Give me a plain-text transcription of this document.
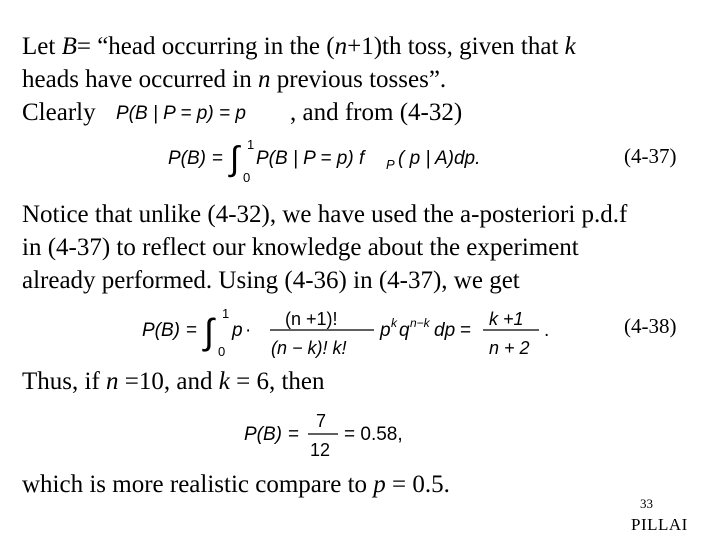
Let B= “head occurring in the (n+1)th toss, given that k
heads have occurred in n previous tosses”.
Clearly P(B | P = p) = p , and from (4-32)
P(B) = ∫ 1
0
P(B | P = p) f P ( p | A)dp.	(4-37)
Notice that unlike (4-32), we have used the a-posteriori p.d.f
in (4-37) to reflect our knowledge about the experiment
already performed. Using (4-36) in (4-37), we get
P(B) = ∫ 1
0
p ·
(n +1)!
(n − k)! k!
p k q n−k dp =
k +1
n + 2
.	(4-38)
Thus, if n =10, and k = 6, then
P(B) =
7
12
= 0.58,
which is more realistic compare to p = 0.5.
33
PILLAI
